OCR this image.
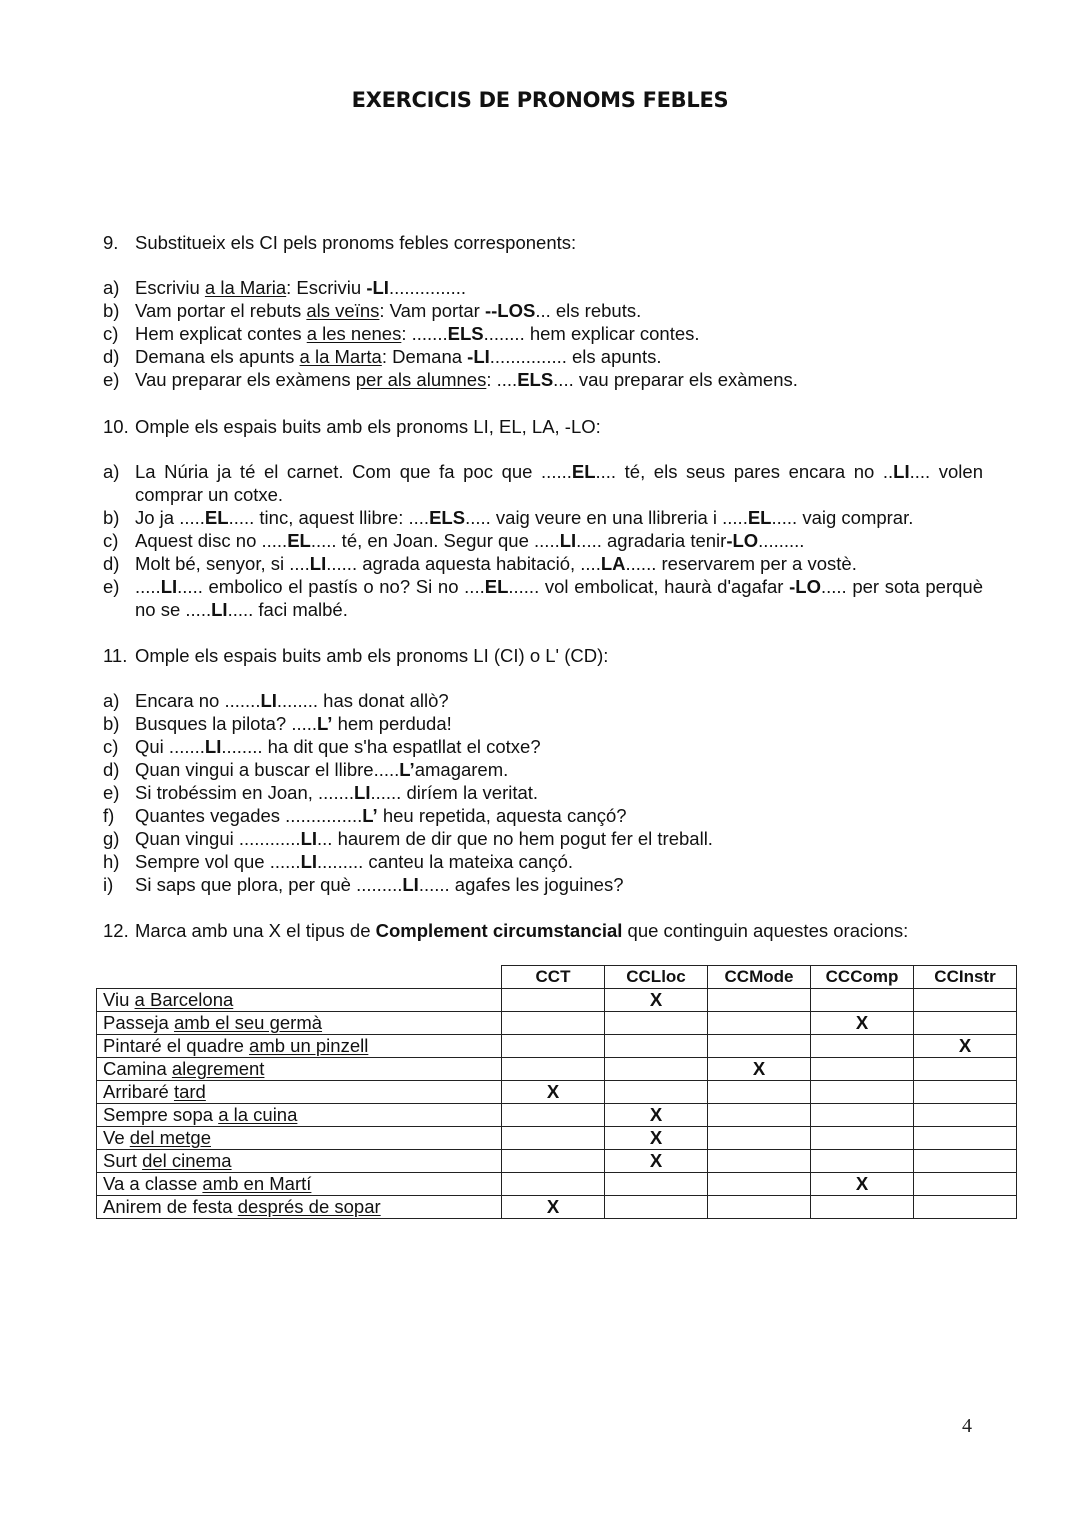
EXERCICIS DE PRONOMS FEBLES
9. Substitueix els CI pels pronoms febles corresponents:
a) Escriviu a la Maria: Escriviu -LI...............
b) Vam portar el rebuts als veïns: Vam portar --LOS... els rebuts.
c) Hem explicat contes a les nenes: .......ELS........ hem explicar contes.
d) Demana els apunts a la Marta: Demana -LI............... els apunts.
e) Vau preparar els exàmens per als alumnes: ....ELS.... vau preparar els exàmens.
10. Omple els espais buits amb els pronoms LI, EL, LA, -LO:
a) La Núria ja té el carnet. Com que fa poc que ......EL.... té, els seus pares encara no ..LI.... volen comprar un cotxe.
b) Jo ja .....EL..... tinc, aquest llibre: ....ELS..... vaig veure en una llibreria i .....EL..... vaig comprar.
c) Aquest disc no .....EL..... té, en Joan. Segur que .....LI..... agradaria tenir-LO.........
d) Molt bé, senyor, si ....LI...... agrada aquesta habitació, ....LA...... reservarem per a vostè.
e) .....LI..... embolico el pastís o no? Si no ....EL...... vol embolicat, haurà d'agafar -LO..... per sota perquè no se .....LI..... faci malbé.
11. Omple els espais buits amb els pronoms LI (CI) o L' (CD):
a) Encara no .......LI........ has donat allò?
b) Busques la pilota? .....L’ hem perduda!
c) Qui .......LI........ ha dit que s'ha espatllat el cotxe?
d) Quan vingui a buscar el llibre.....L’amagarem.
e) Si trobéssim en Joan, .......LI...... diríem la veritat.
f)	Quantes vegades ...............L’ heu repetida, aquesta cançó?
g) Quan vingui ............LI... haurem de dir que no hem pogut fer el treball.
h) Sempre vol que ......LI......... canteu la mateixa cançó.
i)	Si saps que plora, per què .........LI...... agafes les joguines?
12. Marca amb una X el tipus de Complement circumstancial que continguin aquestes oracions:
	CCT	CCLloc	CCMode	CCComp	CCInstr
Viu a Barcelona		X			
Passeja amb el seu germà				X	
Pintaré el quadre amb un pinzell					X
Camina alegrement			X		
Arribaré tard	X				
Sempre sopa a la cuina		X			
Ve del metge		X			
Surt del cinema		X			
Va a classe amb en Martí				X	
Anirem de festa després de sopar	X				
4
